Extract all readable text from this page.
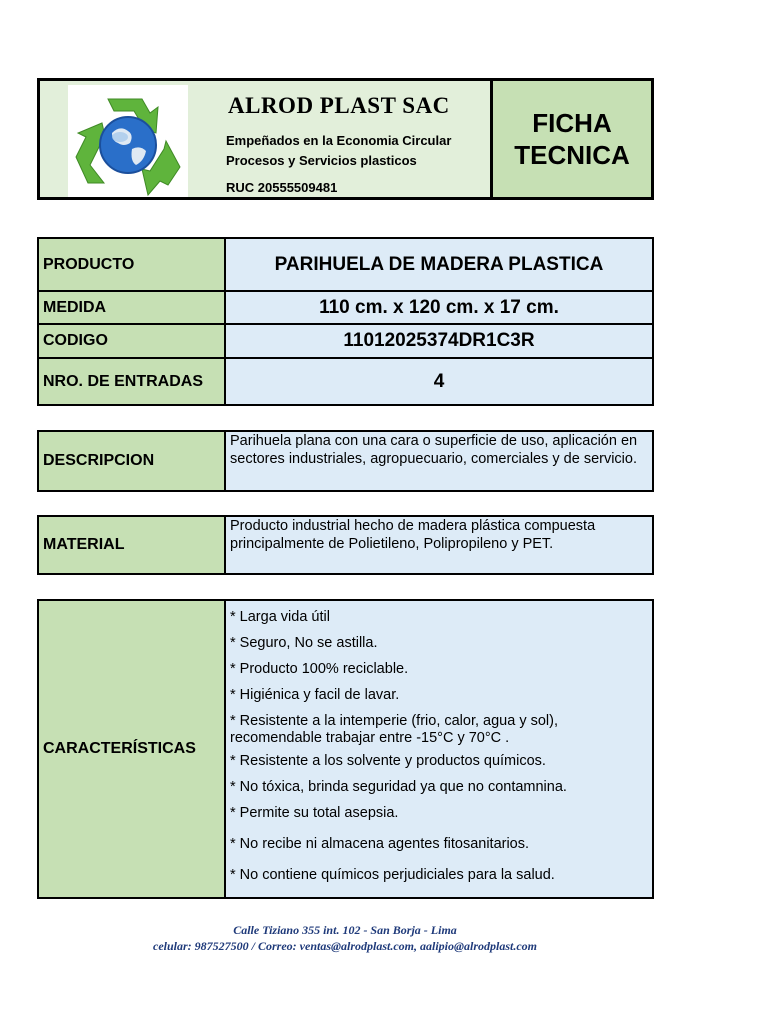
ALROD PLAST SAC
Empeñados en la Economia Circular
Procesos y Servicios plasticos
RUC 20555509481
FICHA
TECNICA
PRODUCTO	PARIHUELA DE MADERA PLASTICA
MEDIDA	110 cm. x 120 cm. x 17 cm.
CODIGO	11012025374DR1C3R
NRO. DE ENTRADAS	4
DESCRIPCION	Parihuela plana con una cara o superficie de uso, aplicación en sectores industriales, agropuecuario, comerciales y de servicio.
MATERIAL	Producto industrial hecho de madera plástica compuesta principalmente de Polietileno, Polipropileno y PET.
CARACTERÍSTICAS	
* Larga vida útil
* Seguro, No se astilla.
* Producto 100% reciclable.
* Higiénica y facil de lavar.
* Resistente a la intemperie (frio, calor, agua y sol),
recomendable trabajar entre -15°C y 70°C .
* Resistente a los solvente y productos químicos.
* No tóxica, brinda seguridad ya que no contamnina.
* Permite su total asepsia.
* No recibe ni almacena agentes fitosanitarios.
* No contiene químicos perjudiciales para la salud.
Calle Tiziano 355 int. 102 - San Borja - Lima
celular: 987527500 / Correo: ventas@alrodplast.com, aalipio@alrodplast.com
